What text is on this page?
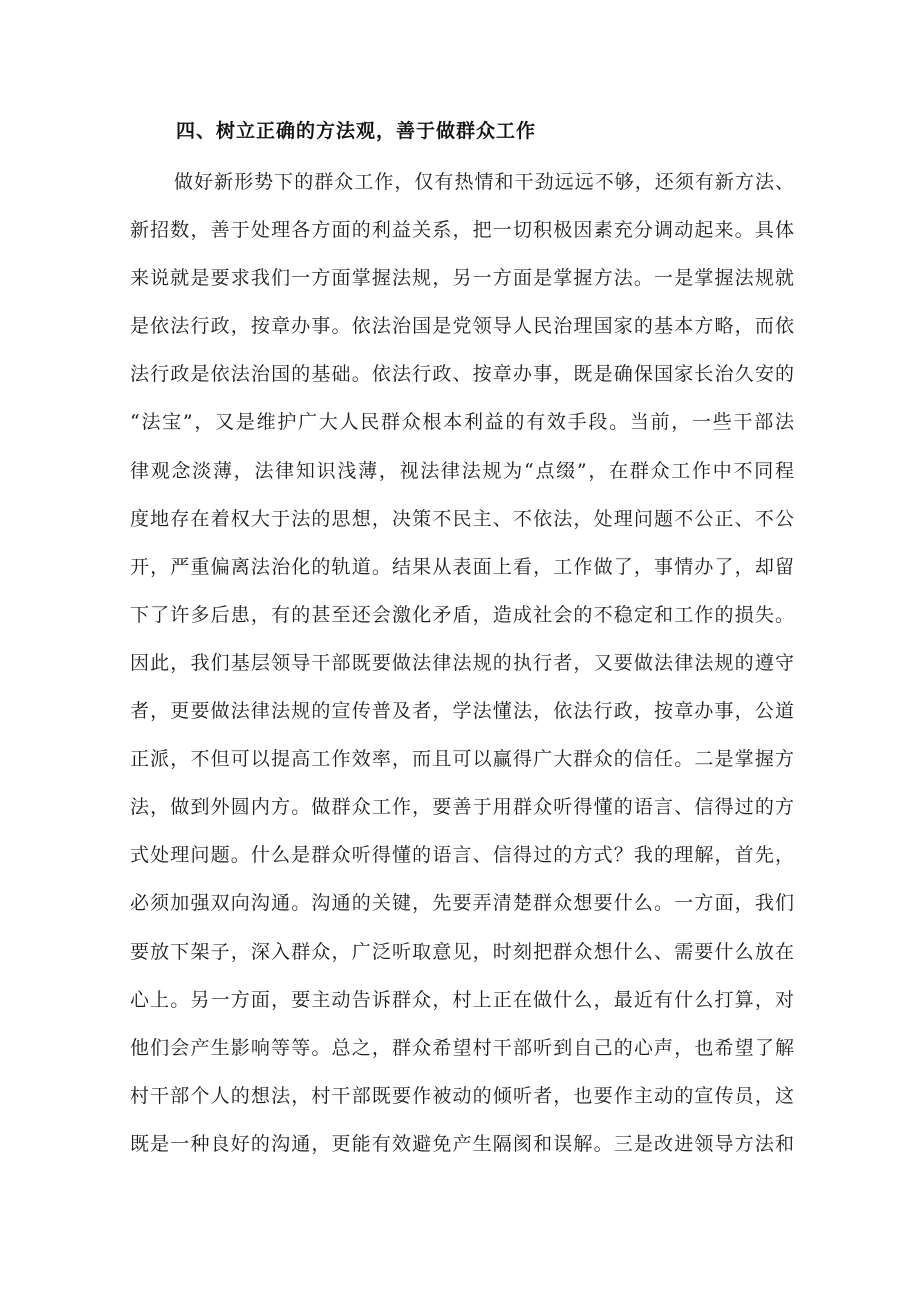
四、树立正确的方法观，善于做群众工作
做好新形势下的群众工作，仅有热情和干劲远远不够，还须有新方法、
新招数，善于处理各方面的利益关系，把一切积极因素充分调动起来。具体
来说就是要求我们一方面掌握法规，另一方面是掌握方法。一是掌握法规就
是依法行政，按章办事。依法治国是党领导人民治理国家的基本方略，而依
法行政是依法治国的基础。依法行政、按章办事，既是确保国家长治久安的
“法宝”，又是维护广大人民群众根本利益的有效手段。当前，一些干部法
律观念淡薄，法律知识浅薄，视法律法规为“点缀”，在群众工作中不同程
度地存在着权大于法的思想，决策不民主、不依法，处理问题不公正、不公
开，严重偏离法治化的轨道。结果从表面上看，工作做了，事情办了，却留
下了许多后患，有的甚至还会激化矛盾，造成社会的不稳定和工作的损失。
因此，我们基层领导干部既要做法律法规的执行者，又要做法律法规的遵守
者，更要做法律法规的宣传普及者，学法懂法，依法行政，按章办事，公道
正派，不但可以提高工作效率，而且可以赢得广大群众的信任。二是掌握方
法，做到外圆内方。做群众工作，要善于用群众听得懂的语言、信得过的方
式处理问题。什么是群众听得懂的语言、信得过的方式？我的理解，首先，
必须加强双向沟通。沟通的关键，先要弄清楚群众想要什么。一方面，我们
要放下架子，深入群众，广泛听取意见，时刻把群众想什么、需要什么放在
心上。另一方面，要主动告诉群众，村上正在做什么，最近有什么打算，对
他们会产生影响等等。总之，群众希望村干部听到自己的心声，也希望了解
村干部个人的想法，村干部既要作被动的倾听者，也要作主动的宣传员，这
既是一种良好的沟通，更能有效避免产生隔阂和误解。三是改进领导方法和
